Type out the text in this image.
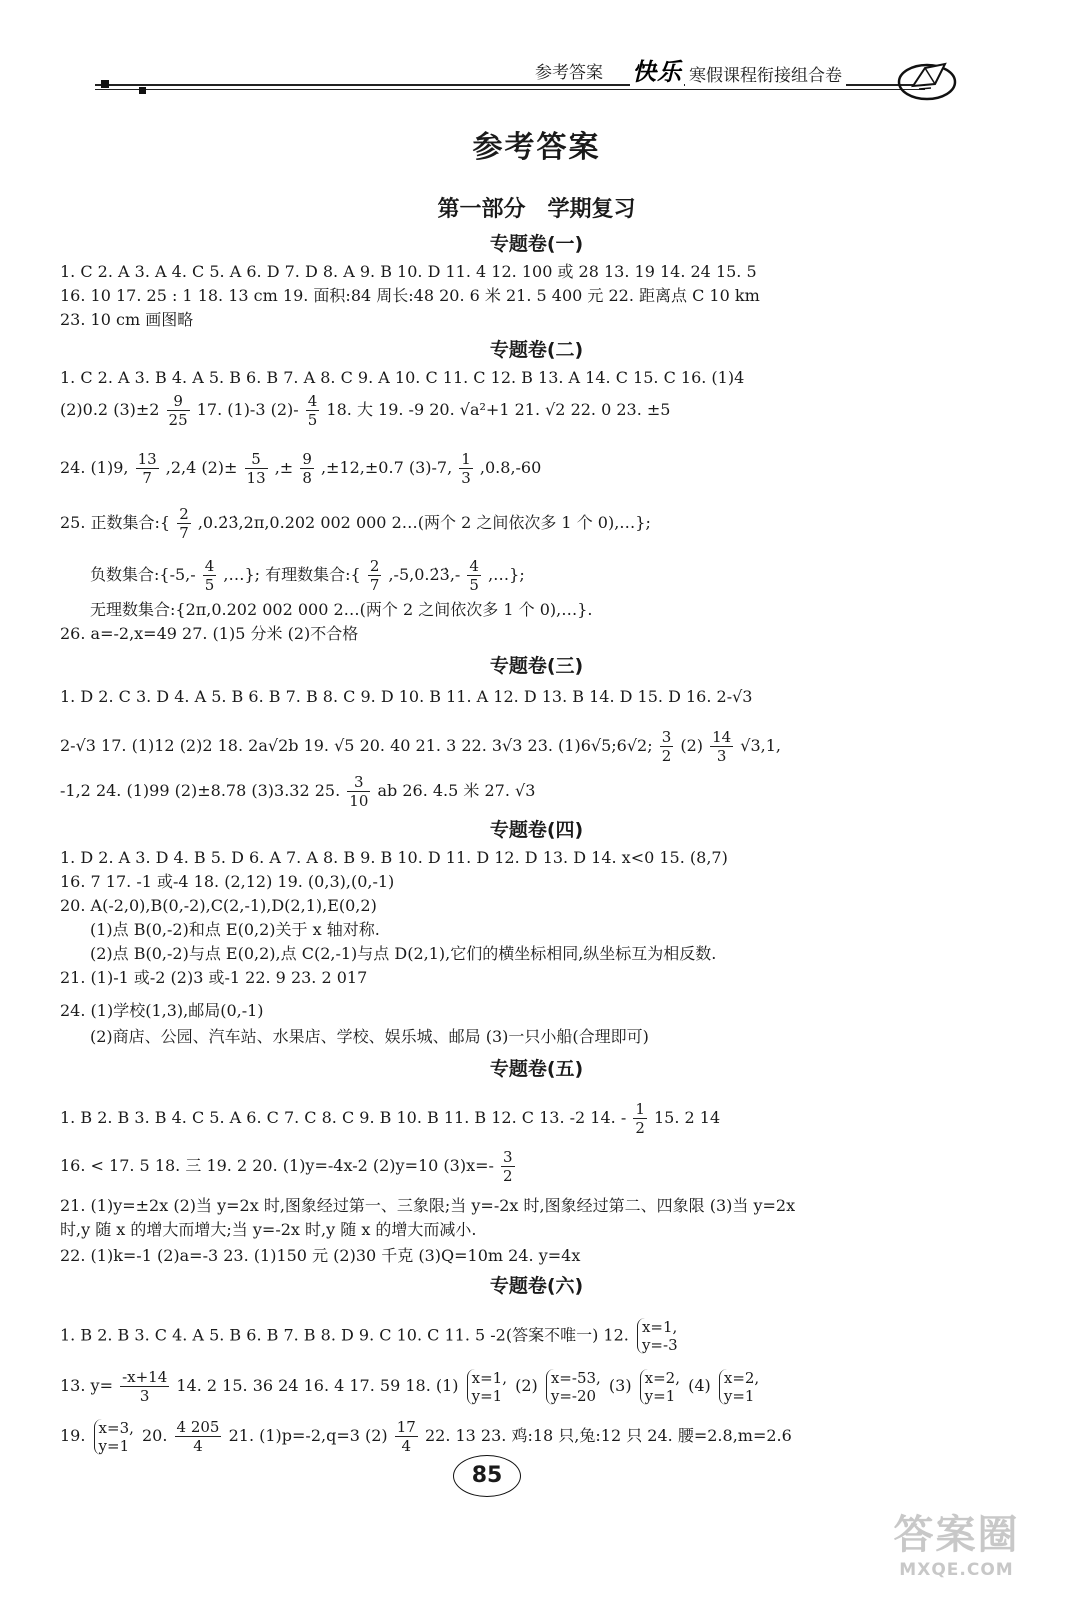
参考答案 快乐 寒假课程衔接组合卷
参考答案
第一部分 学期复习
专题卷(一)
1. C 2. A 3. A 4. C 5. A 6. D 7. D 8. A 9. B 10. D 11. 4 12. 100 或 28 13. 19 14. 24 15. 5
16. 10 17. 25 : 1 18. 13 cm 19. 面积:84 周长:48 20. 6 米 21. 5 400 元 22. 距离点 C 10 km
23. 10 cm 画图略
专题卷(二)
1. C 2. A 3. B 4. A 5. B 6. B 7. A 8. C 9. A 10. C 11. C 12. B 13. A 14. C 15. C 16. (1)4
(2)0.2 $(3)\pm 2 \frac{9}{25} 17$. (1)-3 $(2)- \frac{4}{5} 18$. 大 19. -9 20. √a²+1 21. √2 22. 0 23. ±5
24. (1)9, $\frac{13}{7} ,2,4$ $(2)\pm \frac{5}{13}$ ,± $\frac{9}{8} ,\pm 12,\pm 0.7$ (3)-7, $\frac{1}{3} ,0.8,-60$
25. 正数集合:{ $\frac{2}{7}$ ,0.2̇3̇,2π,0.202 002 000 2…(两个 2 之间依次多 1 个 0),…};
负数集合:{-5,- $\frac{4}{5}$ ,…}; 有理数集合:{ $\frac{2}{7}$ ,-5,0.2̇3̇,- $\frac{4}{5}$ ,…};
无理数集合:{2π,0.202 002 000 2…(两个 2 之间依次多 1 个 0),…}.
26. a=-2,x=49 27. (1)5 分米 (2)不合格
专题卷(三)
1. D 2. C 3. D 4. A 5. B 6. B 7. B 8. C 9. D 10. B 11. A 12. D 13. B 14. D 15. D 16. 2-√3
2-√3 17. (1)12 (2)2 18. 2a√2b 19. √5 20. 40 21. 3 22. 3√3 23. (1)6√5;6√2; $\frac{3}{2} (2) \frac{14}{3} √3,1$,
-1,2 24. (1)99 (2)±8.78 (3)3.32 25. $\frac{3}{10}$ ab 26. 4.5 米 27. √3
专题卷(四)
1. D 2. A 3. D 4. B 5. D 6. A 7. A 8. B 9. B 10. D 11. D 12. D 13. D 14. x<0 15. (8,7)
16. 7 17. -1 或-4 18. (2,12) 19. (0,3),(0,-1)
20. A(-2,0),B(0,-2),C(2,-1),D(2,1),E(0,2)
(1)点 B(0,-2)和点 E(0,2)关于 x 轴对称.
(2)点 B(0,-2)与点 E(0,2),点 C(2,-1)与点 D(2,1),它们的横坐标相同,纵坐标互为相反数.
21. (1)-1 或-2 (2)3 或-1 22. 9 23. 2 017
24. (1)学校(1,3),邮局(0,-1)
(2)商店、公园、汽车站、水果店、学校、娱乐城、邮局 (3)一只小船(合理即可)
专题卷(五)
1. B 2. B 3. B 4. C 5. A 6. C 7. C 8. C 9. B 10. B 11. B 12. C 13. -2 14. - $\frac{1}{2} 15$. 2 14
16. < 17. 5 18. 三 19. 2 20. (1)y=-4x-2 (2)y=10 $(3)x=- \frac{3}{2}$
21. (1)y=±2x (2)当 y=2x 时,图象经过第一、三象限;当 y=-2x 时,图象经过第二、四象限 (3)当 y=2x
时,y 随 x 的增大而增大;当 y=-2x 时,y 随 x 的增大而减小.
22. (1)k=-1 (2)a=-3 23. (1)150 元 (2)30 千克 (3)Q=10m 24. y=4x
专题卷(六)
1. B 2. B 3. C 4. A 5. B 6. B 7. B 8. D 9. C 10. C 11. 5 -2(答案不唯一) 12. x=1,
y=-3
13. $y= \frac{-x+14}{3} 14$. 2 15. 36 24 16. 4 17. 59 18. (1) x=1,
y=1
(2) x=-53,
y=-20
(3) x=2,
y=1
(4) x=2,
y=1
19. x=3,
y=1
20. $\frac{4 205}{4} 21$. (1)p=-2,q=3 $(2) \frac{17}{4} 22$. 13 23. 鸡:18 只,兔:12 只 24. 腰=2.8,m=2.6
85
答案圈
MXQE.COM
